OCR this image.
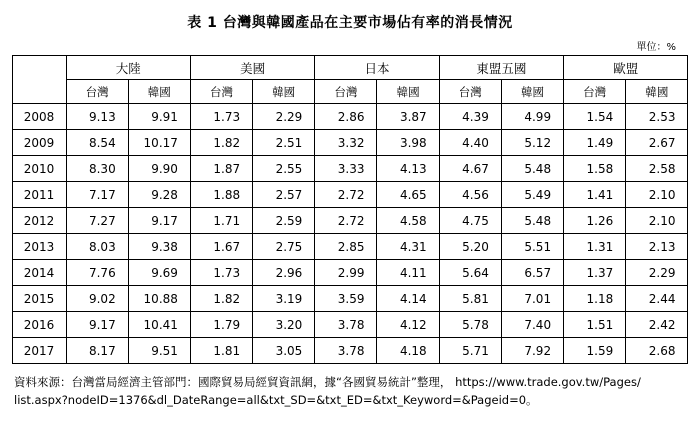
表 1 台灣與韓國產品在主要市場佔有率的消長情況
單位：%
	大陸		美國		日本		東盟五國		歐盟	
	台灣	韓國	台灣	韓國	台灣	韓國	台灣	韓國	台灣	韓國
2008	9.13	9.91	1.73	2.29	2.86	3.87	4.39	4.99	1.54	2.53
2009	8.54	10.17	1.82	2.51	3.32	3.98	4.40	5.12	1.49	2.67
2010	8.30	9.90	1.87	2.55	3.33	4.13	4.67	5.48	1.58	2.58
2011	7.17	9.28	1.88	2.57	2.72	4.65	4.56	5.49	1.41	2.10
2012	7.27	9.17	1.71	2.59	2.72	4.58	4.75	5.48	1.26	2.10
2013	8.03	9.38	1.67	2.75	2.85	4.31	5.20	5.51	1.31	2.13
2014	7.76	9.69	1.73	2.96	2.99	4.11	5.64	6.57	1.37	2.29
2015	9.02	10.88	1.82	3.19	3.59	4.14	5.81	7.01	1.18	2.44
2016	9.17	10.41	1.79	3.20	3.78	4.12	5.78	7.40	1.51	2.42
2017	8.17	9.51	1.81	3.05	3.78	4.18	5.71	7.92	1.59	2.68
資料來源：台灣當局經濟主管部門：國際貿易局經貿資訊網，據“各國貿易統計”整理， https://www.trade.gov.tw/Pages/
list.aspx?nodeID=1376&dl_DateRange=all&txt_SD=&txt_ED=&txt_Keyword=&Pageid=0。
